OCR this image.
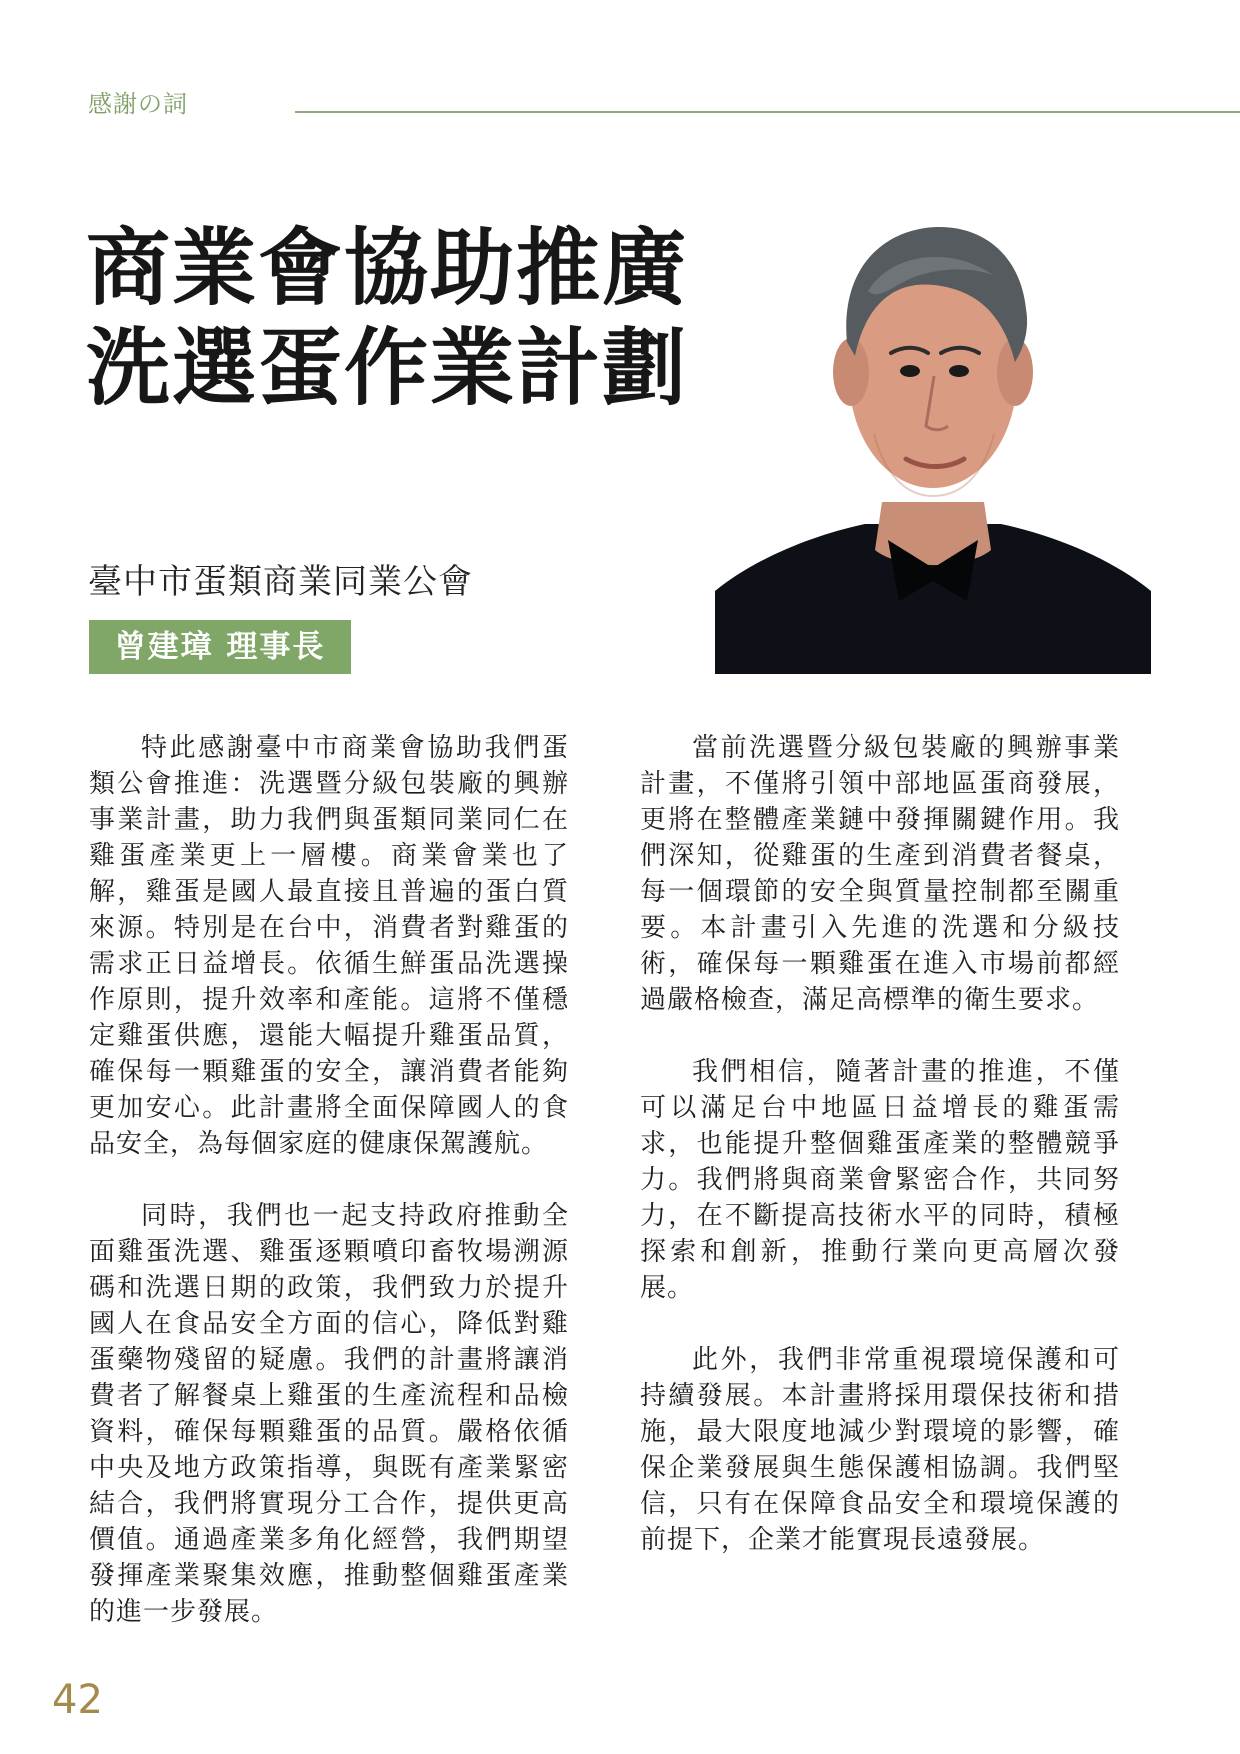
感謝の詞
商業會協助推廣
洗選蛋作業計劃
臺中市蛋類商業同業公會
曾建璋 理事長

特此感謝臺中市商業會協助我們蛋類公會推進：洗選暨分級包裝廠的興辦事業計畫，助力我們與蛋類同業同仁在雞蛋產業更上一層樓。商業會業也了解，雞蛋是國人最直接且普遍的蛋白質來源。特別是在台中，消費者對雞蛋的需求正日益增長。依循生鮮蛋品洗選操作原則，提升效率和產能。這將不僅穩定雞蛋供應，還能大幅提升雞蛋品質，確保每一顆雞蛋的安全，讓消費者能夠更加安心。此計畫將全面保障國人的食品安全，為每個家庭的健康保駕護航。

同時，我們也一起支持政府推動全面雞蛋洗選、雞蛋逐顆噴印畜牧場溯源碼和洗選日期的政策，我們致力於提升國人在食品安全方面的信心，降低對雞蛋藥物殘留的疑慮。我們的計畫將讓消費者了解餐桌上雞蛋的生產流程和品檢資料，確保每顆雞蛋的品質。嚴格依循中央及地方政策指導，與既有產業緊密結合，我們將實現分工合作，提供更高價值。通過產業多角化經營，我們期望發揮產業聚集效應，推動整個雞蛋產業的進一步發展。

當前洗選暨分級包裝廠的興辦事業計畫，不僅將引領中部地區蛋商發展，更將在整體產業鏈中發揮關鍵作用。我們深知，從雞蛋的生產到消費者餐桌，每一個環節的安全與質量控制都至關重要。本計畫引入先進的洗選和分級技術，確保每一顆雞蛋在進入市場前都經過嚴格檢查，滿足高標準的衛生要求。

我們相信，隨著計畫的推進，不僅可以滿足台中地區日益增長的雞蛋需求，也能提升整個雞蛋產業的整體競爭力。我們將與商業會緊密合作，共同努力，在不斷提高技術水平的同時，積極探索和創新，推動行業向更高層次發展。

此外，我們非常重視環境保護和可持續發展。本計畫將採用環保技術和措施，最大限度地減少對環境的影響，確保企業發展與生態保護相協調。我們堅信，只有在保障食品安全和環境保護的前提下，企業才能實現長遠發展。

42
